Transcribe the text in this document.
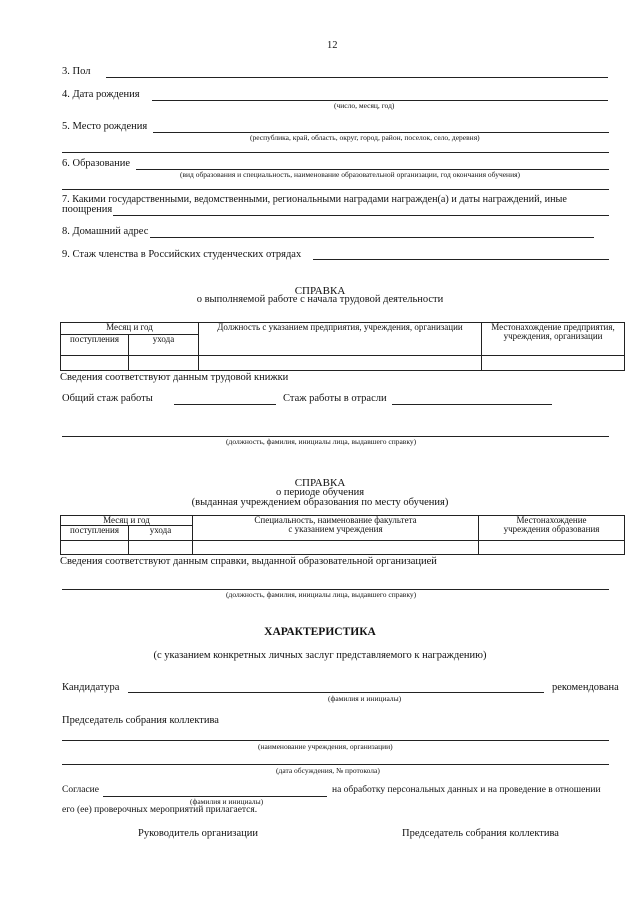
12
3. Пол
4. Дата рождения
(число, месяц, год)
5. Место рождения
(республика, край, область, округ, город, район, поселок, село, деревня)
6. Образование
(вид образования и специальность, наименование образовательной организации, год окончания обучения)
7. Какими государственными, ведомственными, региональными наградами награжден(а) и даты награждений, иные
поощрения
8. Домашний адрес
9. Стаж членства в Российских студенческих отрядах
СПРАВКА
о выполняемой работе с начала трудовой деятельности
Месяц и год		Должность с указанием предприятия, учреждения, организации	Местонахождение предприятия,
учреждения, организации
поступления	ухода		

Сведения соответствуют данным трудовой книжки
Общий стаж работы	Стаж работы в отрасли
(должность, фамилия, инициалы лица, выдавшего справку)
СПРАВКА
о периоде обучения
(выданная учреждением образования по месту обучения)
Месяц и год		Специальность, наименование факультета
с указанием учреждения	Местонахождение
учреждения образования
поступления	ухода		

Сведения соответствуют данным справки, выданной образовательной организацией
(должность, фамилия, инициалы лица, выдавшего справку)
ХАРАКТЕРИСТИКА
(с указанием конкретных личных заслуг представляемого к награждению)
Кандидатура	рекомендована
(фамилия и инициалы)
Председатель собрания коллектива
(наименование учреждения, организации)
(дата обсуждения, № протокола)
Согласие	на обработку персональных данных и на проведение в отношении
(фамилия и инициалы)
его (ее) проверочных мероприятий прилагается.
Руководитель организации	Председатель собрания коллектива
